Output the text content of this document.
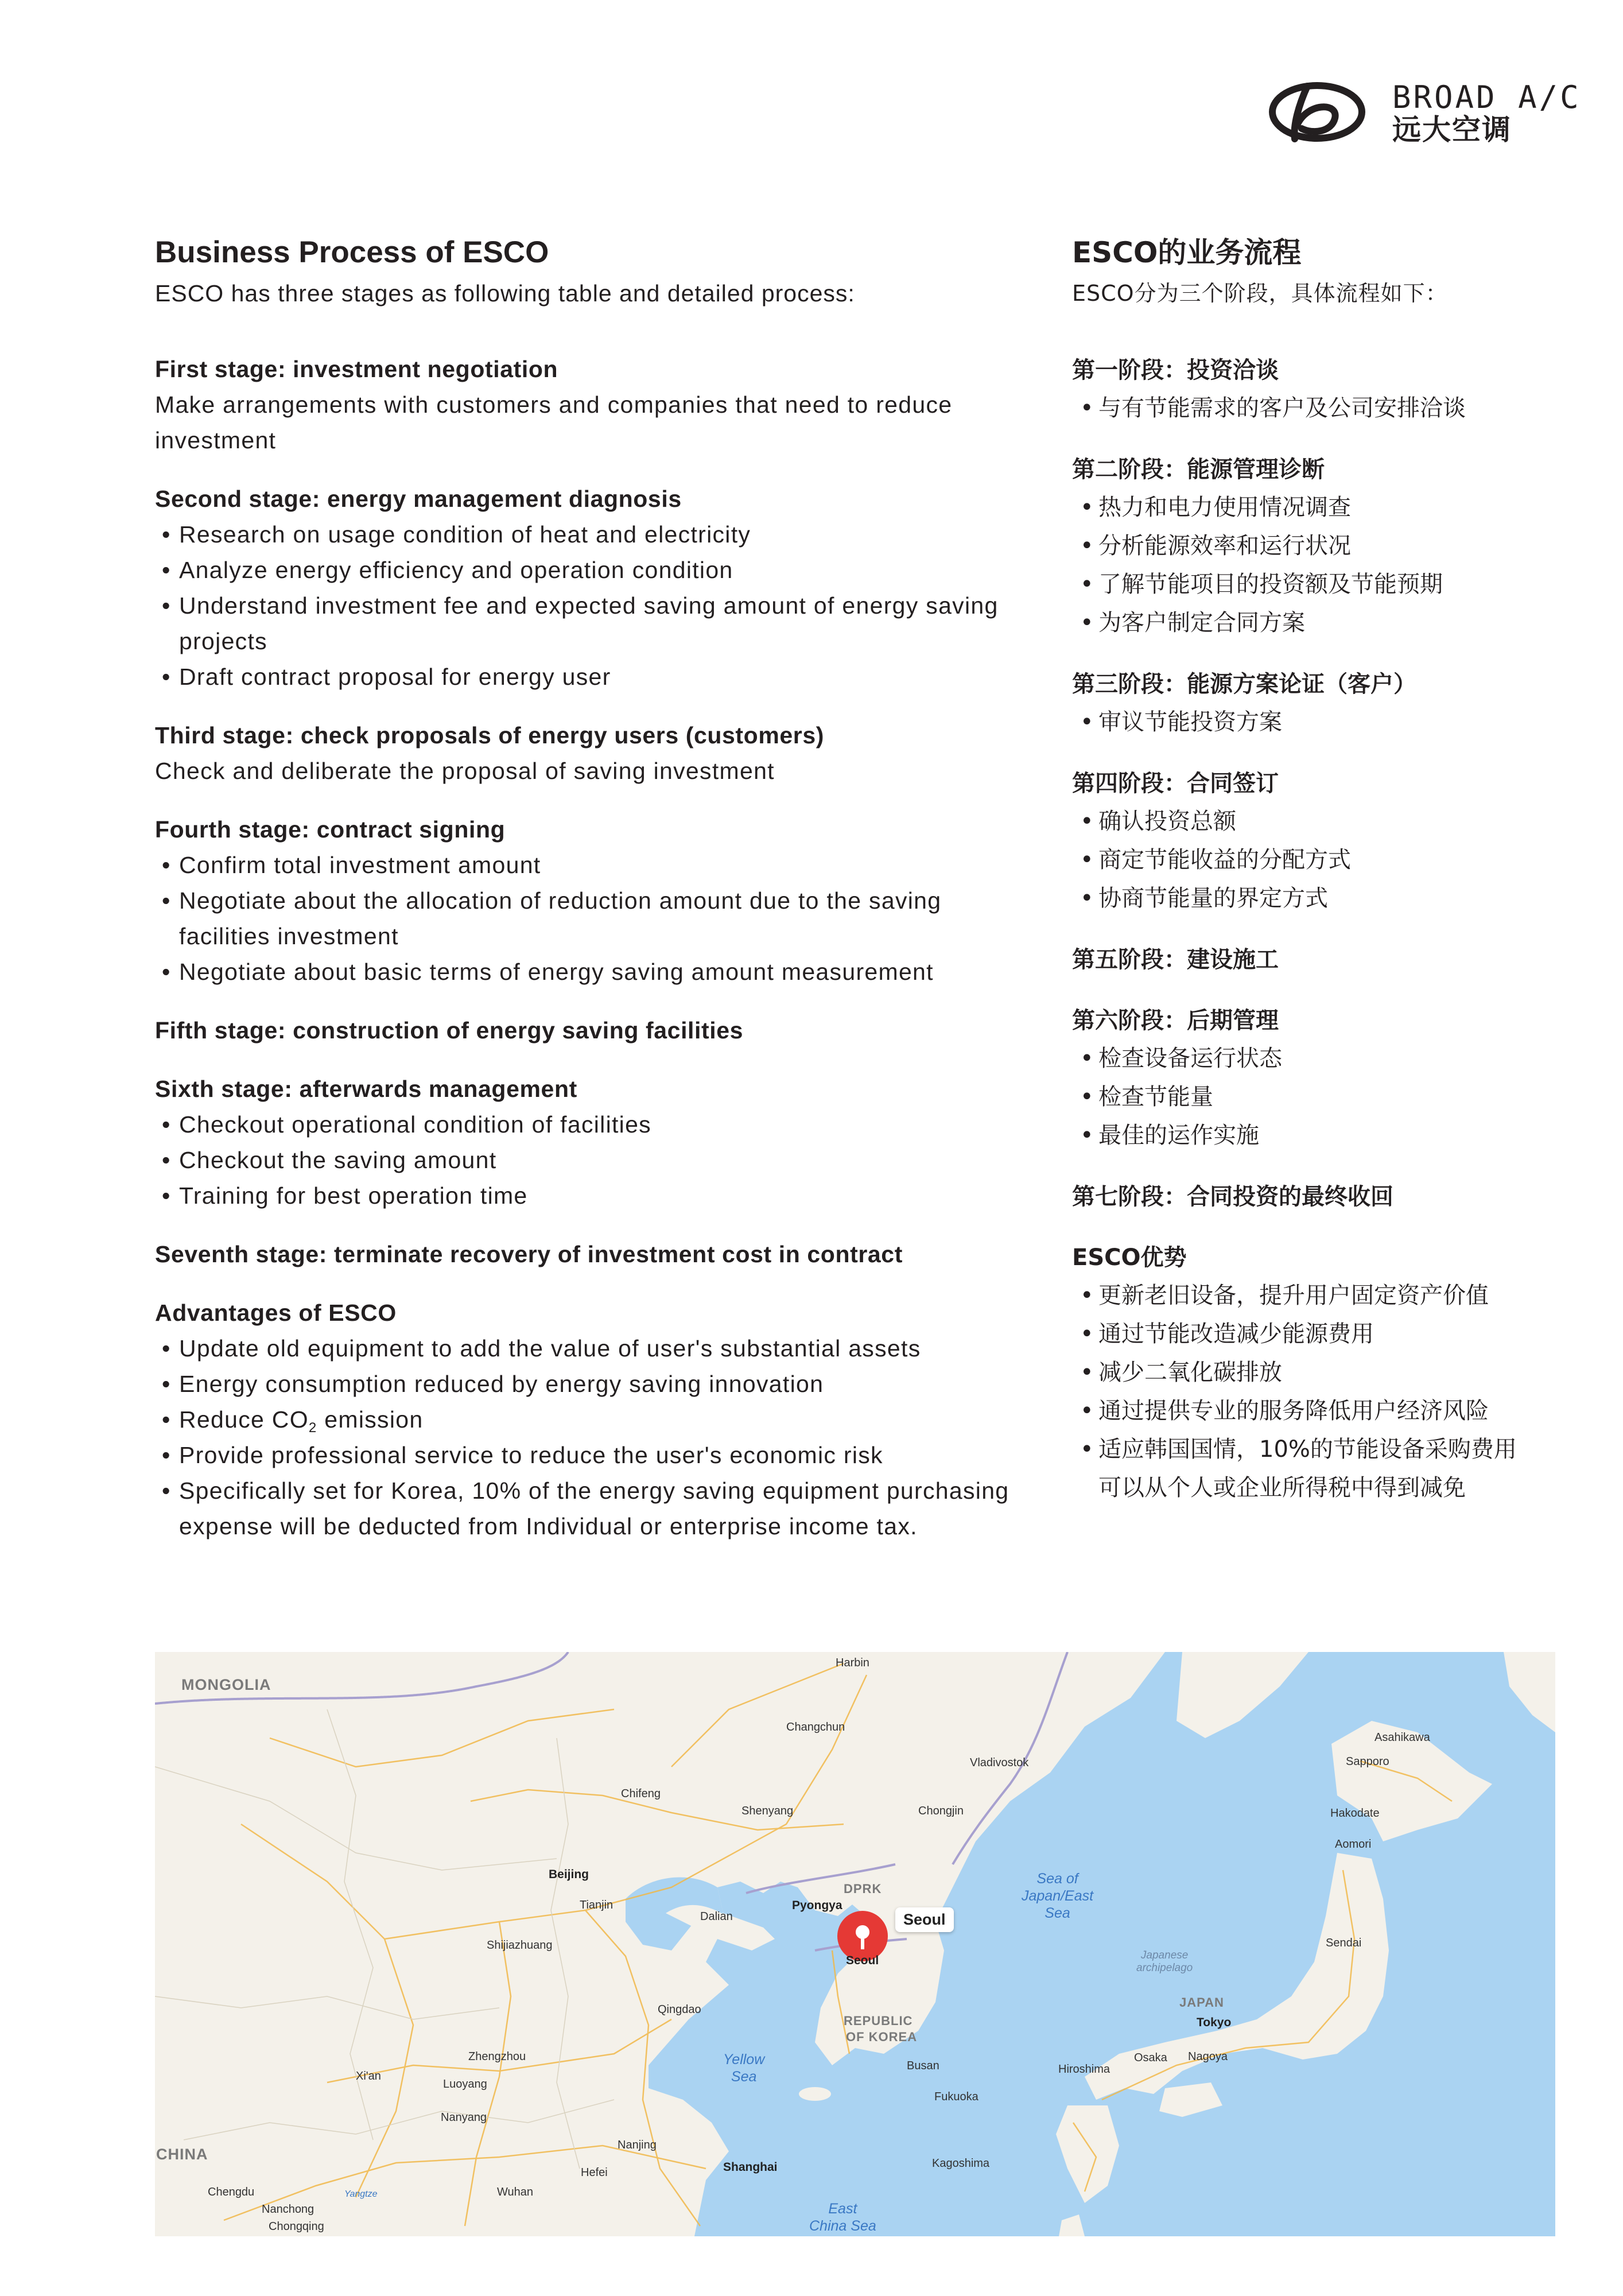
BROAD A/C
远大空调
Business Process of ESCO

ESCO has three stages as following table and detailed process:

First stage: investment negotiation
Make arrangements with customers and companies that need to reduce investment
Second stage: energy management diagnosis
• Research on usage condition of heat and electricity
• Analyze energy efficiency and operation condition
• Understand investment fee and expected saving amount of energy saving projects
• Draft contract proposal for energy user
Third stage: check proposals of energy users (customers)
Check and deliberate the proposal of saving investment
Fourth stage: contract signing
• Confirm total investment amount
• Negotiate about the allocation of reduction amount due to the saving facilities investment
• Negotiate about basic terms of energy saving amount measurement
Fifth stage: construction of energy saving facilities
Sixth stage: afterwards management
• Checkout operational condition of facilities
• Checkout the saving amount
• Training for best operation time
Seventh stage: terminate recovery of investment cost in contract
Advantages of ESCO
• Update old equipment to add the value of user's substantial assets
• Energy consumption reduced by energy saving innovation
• Reduce $CO_2$ emission
• Provide professional service to reduce the user's economic risk
• Specifically set for Korea, 10% of the energy saving equipment purchasing expense will be deducted from Individual or enterprise income tax.
ESCO的业务流程

ESCO分为三个阶段，具体流程如下：

第一阶段：投资洽谈
• 与有节能需求的客户及公司安排洽谈
第二阶段：能源管理诊断
• 热力和电力使用情况调查
• 分析能源效率和运行状况
• 了解节能项目的投资额及节能预期
• 为客户制定合同方案
第三阶段：能源方案论证（客户）
• 审议节能投资方案
第四阶段：合同签订
• 确认投资总额
• 商定节能收益的分配方式
• 协商节能量的界定方式
第五阶段：建设施工
第六阶段：后期管理
• 检查设备运行状态
• 检查节能量
• 最佳的运作实施
第七阶段：合同投资的最终收回
ESCO优势
• 更新老旧设备，提升用户固定资产价值
• 通过节能改造减少能源费用
• 减少二氧化碳排放
• 通过提供专业的服务降低用户经济风险
• 适应韩国国情，10%的节能设备采购费用可以从个人或企业所得税中得到减免
MONGOLIA
DPRK
REPUBLIC
OF KOREA
JAPAN
CHINA
Sea of
Japan/East
Sea
Yellow
Sea
East
China Sea
Japanese
archipelago
Yangtze
Harbin
Changchun
Vladivostok
Asahikawa
Sapporo
Chifeng
Shenyang	Chongjin	Hakodate
Aomori
Beijing
Tianjin
Dalian
Pyongya
Seoul
Sendai
Shijiazhuang
Qingdao
Tokyo
Zhengzhou
Xi'an
Luoyang
Busan	Hiroshima
Osaka Nagoya
Fukuoka
Nanyang
Nanjing
Hefei	Shanghai	Kagoshima
Chengdu	Wuhan
Nanchong
Chongqing
Seoul
